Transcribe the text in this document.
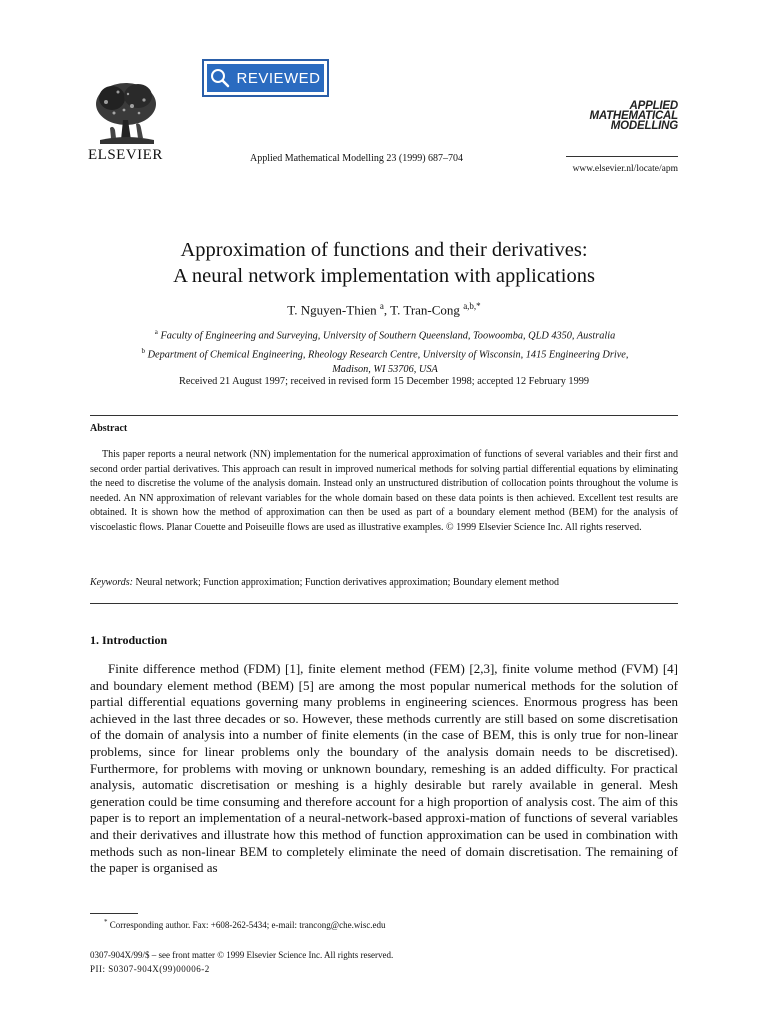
REVIEWED
ELSEVIER	Applied Mathematical Modelling 23 (1999) 687–704
APPLIED
MATHEMATICAL
MODELLING
www.elsevier.nl/locate/apm
Approximation of functions and their derivatives:
A neural network implementation with applications
T. Nguyen-Thien $^a$, T. Tran-Cong $^{a,b,*}$
$^a$ Faculty of Engineering and Surveying, University of Southern Queensland, Toowoomba, QLD 4350, Australia
$^b$ Department of Chemical Engineering, Rheology Research Centre, University of Wisconsin, 1415 Engineering Drive,
Madison, WI 53706, USA
Received 21 August 1997; received in revised form 15 December 1998; accepted 12 February 1999
Abstract
This paper reports a neural network (NN) implementation for the numerical approximation of functions of several variables and their first and second order partial derivatives. This approach can result in improved numerical methods for solving partial differential equations by eliminating the need to discretise the volume of the analysis domain. Instead only an unstructured distribution of collocation points throughout the volume is needed. An NN approximation of relevant variables for the whole domain based on these data points is then achieved. Excellent test results are obtained. It is shown how the method of approximation can then be used as part of a boundary element method (BEM) for the analysis of viscoelastic flows. Planar Couette and Poiseuille flows are used as illustrative examples. © 1999 Elsevier Science Inc. All rights reserved.
Keywords: Neural network; Function approximation; Function derivatives approximation; Boundary element method
1. Introduction
Finite difference method (FDM) [1], finite element method (FEM) [2,3], finite volume method (FVM) [4] and boundary element method (BEM) [5] are among the most popular numerical methods for the solution of partial differential equations governing many problems in engineering sciences. Enormous progress has been achieved in the last three decades or so. However, these methods currently are still based on some discretisation of the domain of analysis into a number of finite elements (in the case of BEM, this is only true for non-linear problems, since for linear problems only the boundary of the analysis domain needs to be discretised). Furthermore, for problems with moving or unknown boundary, remeshing is an added difficulty. For practical analysis, automatic discretisation or meshing is a highly desirable but rarely available in general. Mesh generation could be time consuming and therefore account for a high proportion of analysis cost. The aim of this paper is to report an implementation of a neural-network-based approxi-mation of functions of several variables and their derivatives and illustrate how this method of function approximation can be used in combination with methods such as non-linear BEM to completely eliminate the need of domain discretisation. The remaining of the paper is organised as
* Corresponding author. Fax: +608-262-5434; e-mail: trancong@che.wisc.edu
0307-904X/99/$ – see front matter © 1999 Elsevier Science Inc. All rights reserved.
PII: S0307-904X(99)00006-2
